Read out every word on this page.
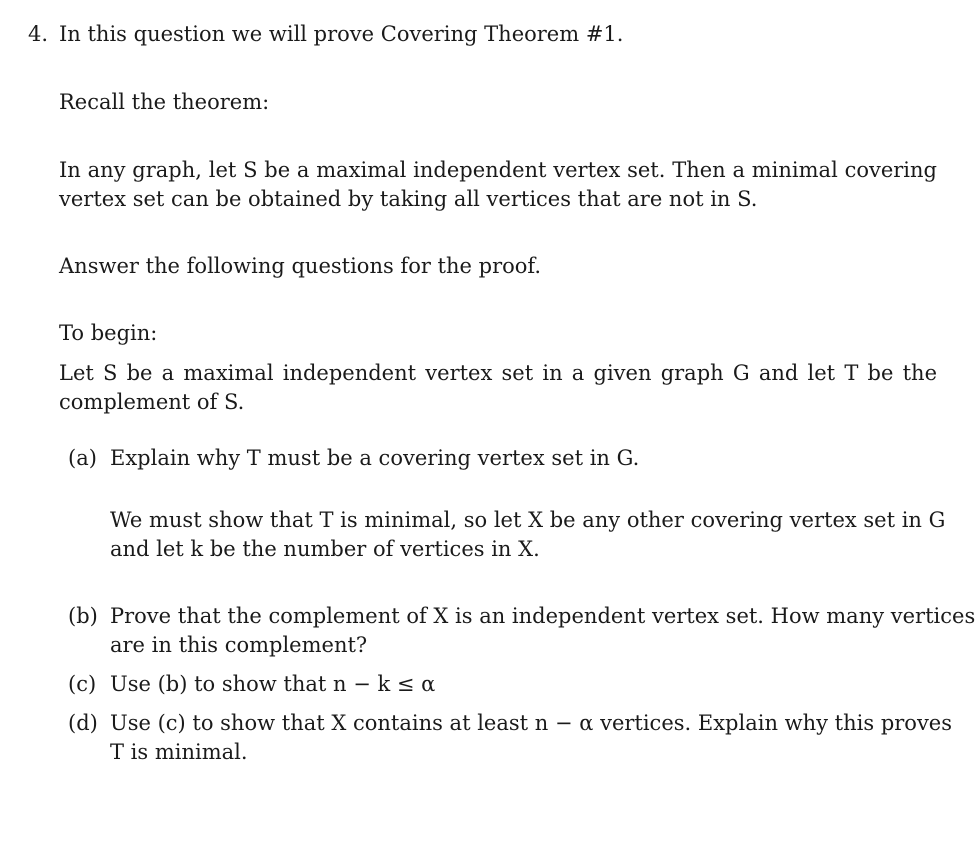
4. In this question we will prove Covering Theorem #1.
Recall the theorem:
In any graph, let S be a maximal independent vertex set. Then a minimal covering
vertex set can be obtained by taking all vertices that are not in S.
Answer the following questions for the proof.
To begin:
Let S be a maximal independent vertex set in a given graph G and let T be the
complement of S.
(a) Explain why T must be a covering vertex set in G.
We must show that T is minimal, so let X be any other covering vertex set in G
and let k be the number of vertices in X.
(b) Prove that the complement of X is an independent vertex set. How many vertices
are in this complement?
(c) Use (b) to show that n − k ≤ α
(d) Use (c) to show that X contains at least n − α vertices. Explain why this proves
T is minimal.
